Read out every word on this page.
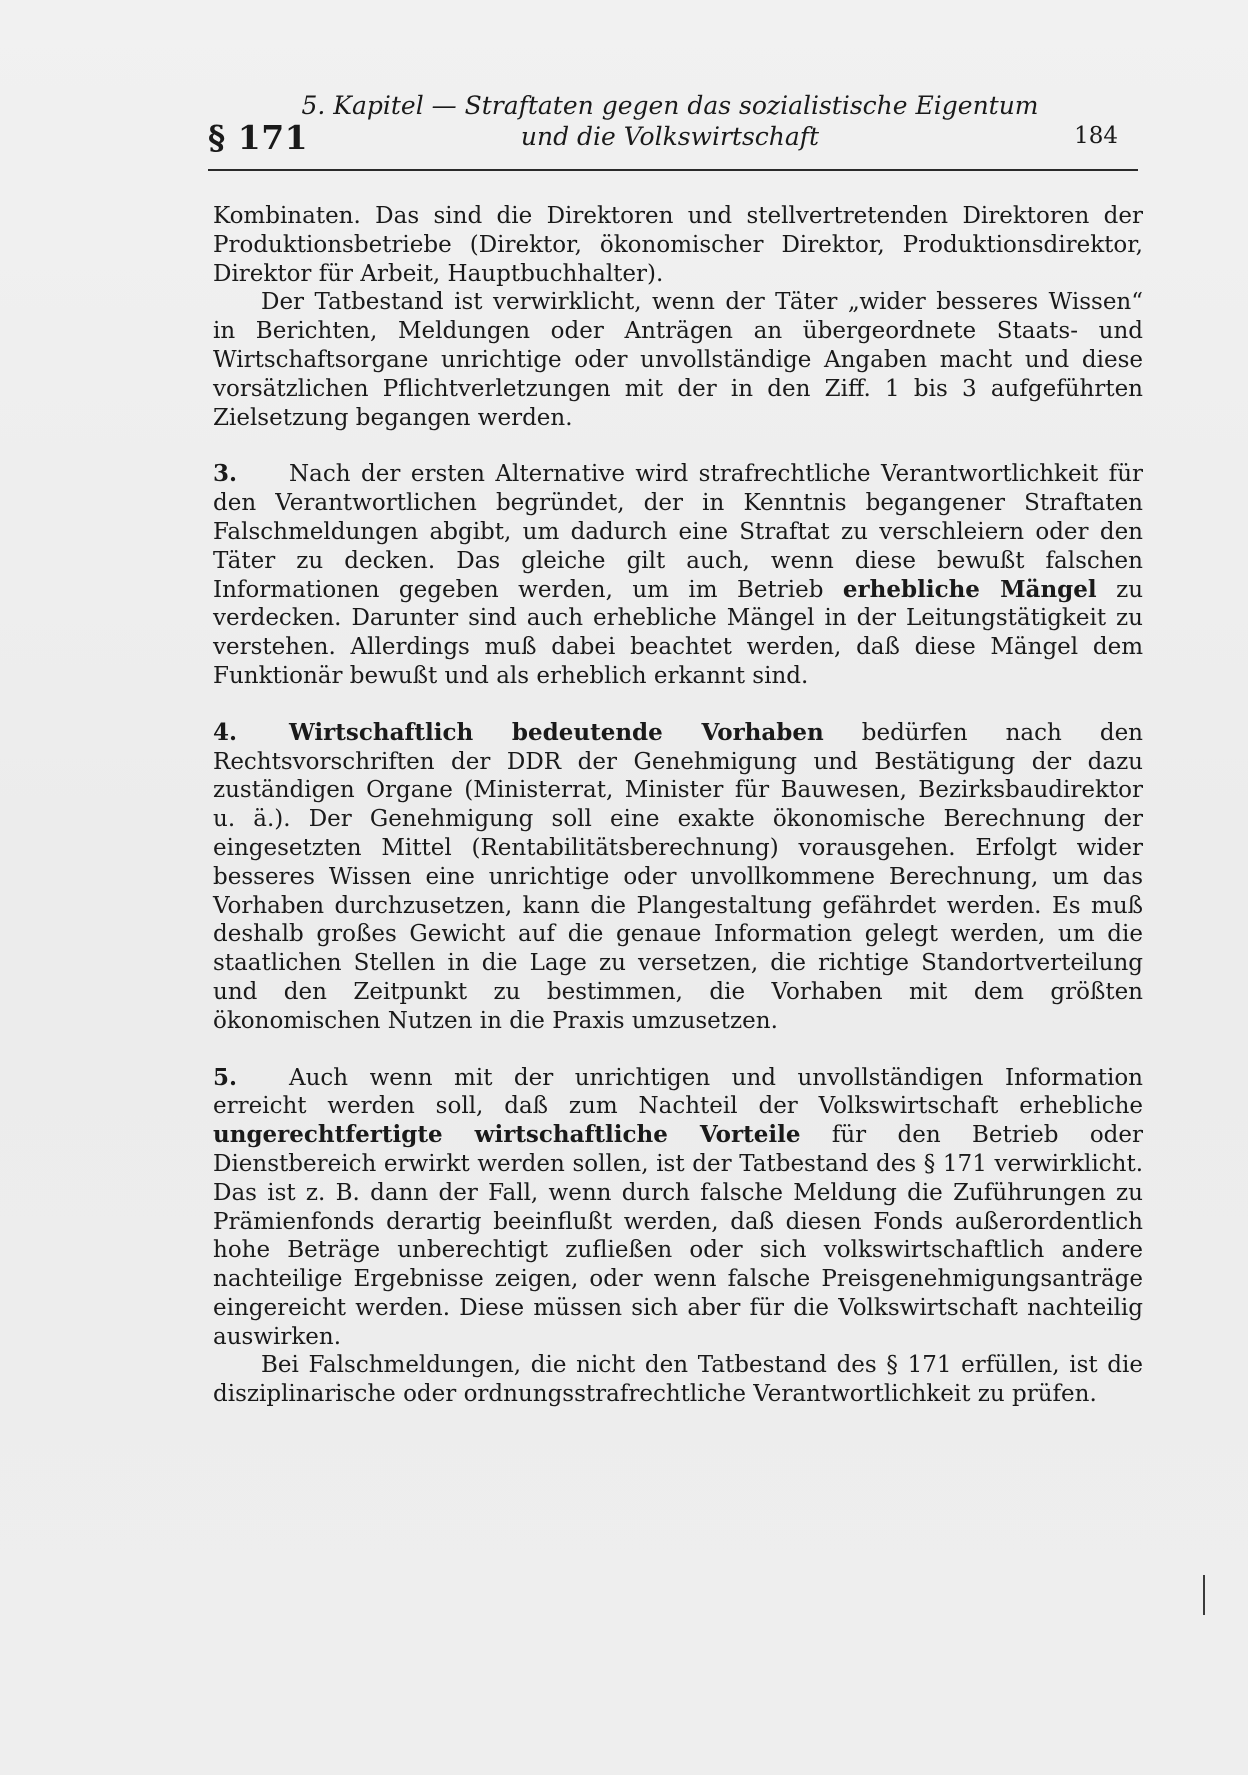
§ 171
5. Kapitel — Straftaten gegen das sozialistische Eigentum
und die Volkswirtschaft	184

Kombinaten. Das sind die Direktoren und stellvertretenden Direktoren der Produktionsbetriebe (Direktor, ökonomischer Direktor, Produktionsdirektor, Direktor für Arbeit, Hauptbuchhalter).

Der Tatbestand ist verwirklicht, wenn der Täter „wider besseres Wissen“ in Berichten, Meldungen oder Anträgen an übergeordnete Staats- und Wirtschaftsorgane unrichtige oder unvollständige Angaben macht und diese vorsätzlichen Pflichtverletzungen mit der in den Ziff. 1 bis 3 aufgeführten Zielsetzung begangen werden.

3. Nach der ersten Alternative wird strafrechtliche Verantwortlichkeit für den Verantwortlichen begründet, der in Kenntnis begangener Straftaten Falschmeldungen abgibt, um dadurch eine Straftat zu verschleiern oder den Täter zu decken. Das gleiche gilt auch, wenn diese bewußt falschen Informationen gegeben werden, um im Betrieb erhebliche Mängel zu verdecken. Darunter sind auch erhebliche Mängel in der Leitungstätigkeit zu verstehen. Allerdings muß dabei beachtet werden, daß diese Mängel dem Funktionär bewußt und als erheblich erkannt sind.

4. Wirtschaftlich bedeutende Vorhaben bedürfen nach den Rechtsvorschriften der DDR der Genehmigung und Bestätigung der dazu zuständigen Organe (Ministerrat, Minister für Bauwesen, Bezirksbaudirektor u. ä.). Der Genehmigung soll eine exakte ökonomische Berechnung der eingesetzten Mittel (Rentabilitätsberechnung) vorausgehen. Erfolgt wider besseres Wissen eine unrichtige oder unvollkommene Berechnung, um das Vorhaben durchzusetzen, kann die Plangestaltung gefährdet werden. Es muß deshalb großes Gewicht auf die genaue Information gelegt werden, um die staatlichen Stellen in die Lage zu versetzen, die richtige Standortverteilung und den Zeitpunkt zu bestimmen, die Vorhaben mit dem größten ökonomischen Nutzen in die Praxis umzusetzen.

5. Auch wenn mit der unrichtigen und unvollständigen Information erreicht werden soll, daß zum Nachteil der Volkswirtschaft erhebliche ungerechtfertigte wirtschaftliche Vorteile für den Betrieb oder Dienstbereich erwirkt werden sollen, ist der Tatbestand des § 171 verwirklicht. Das ist z. B. dann der Fall, wenn durch falsche Meldung die Zuführungen zu Prämienfonds derartig beeinflußt werden, daß diesen Fonds außerordentlich hohe Beträge unberechtigt zufließen oder sich volkswirtschaftlich andere nachteilige Ergebnisse zeigen, oder wenn falsche Preisgenehmigungsanträge eingereicht werden. Diese müssen sich aber für die Volkswirtschaft nachteilig auswirken.

Bei Falschmeldungen, die nicht den Tatbestand des § 171 erfüllen, ist die disziplinarische oder ordnungsstrafrechtliche Verantwortlichkeit zu prüfen.
